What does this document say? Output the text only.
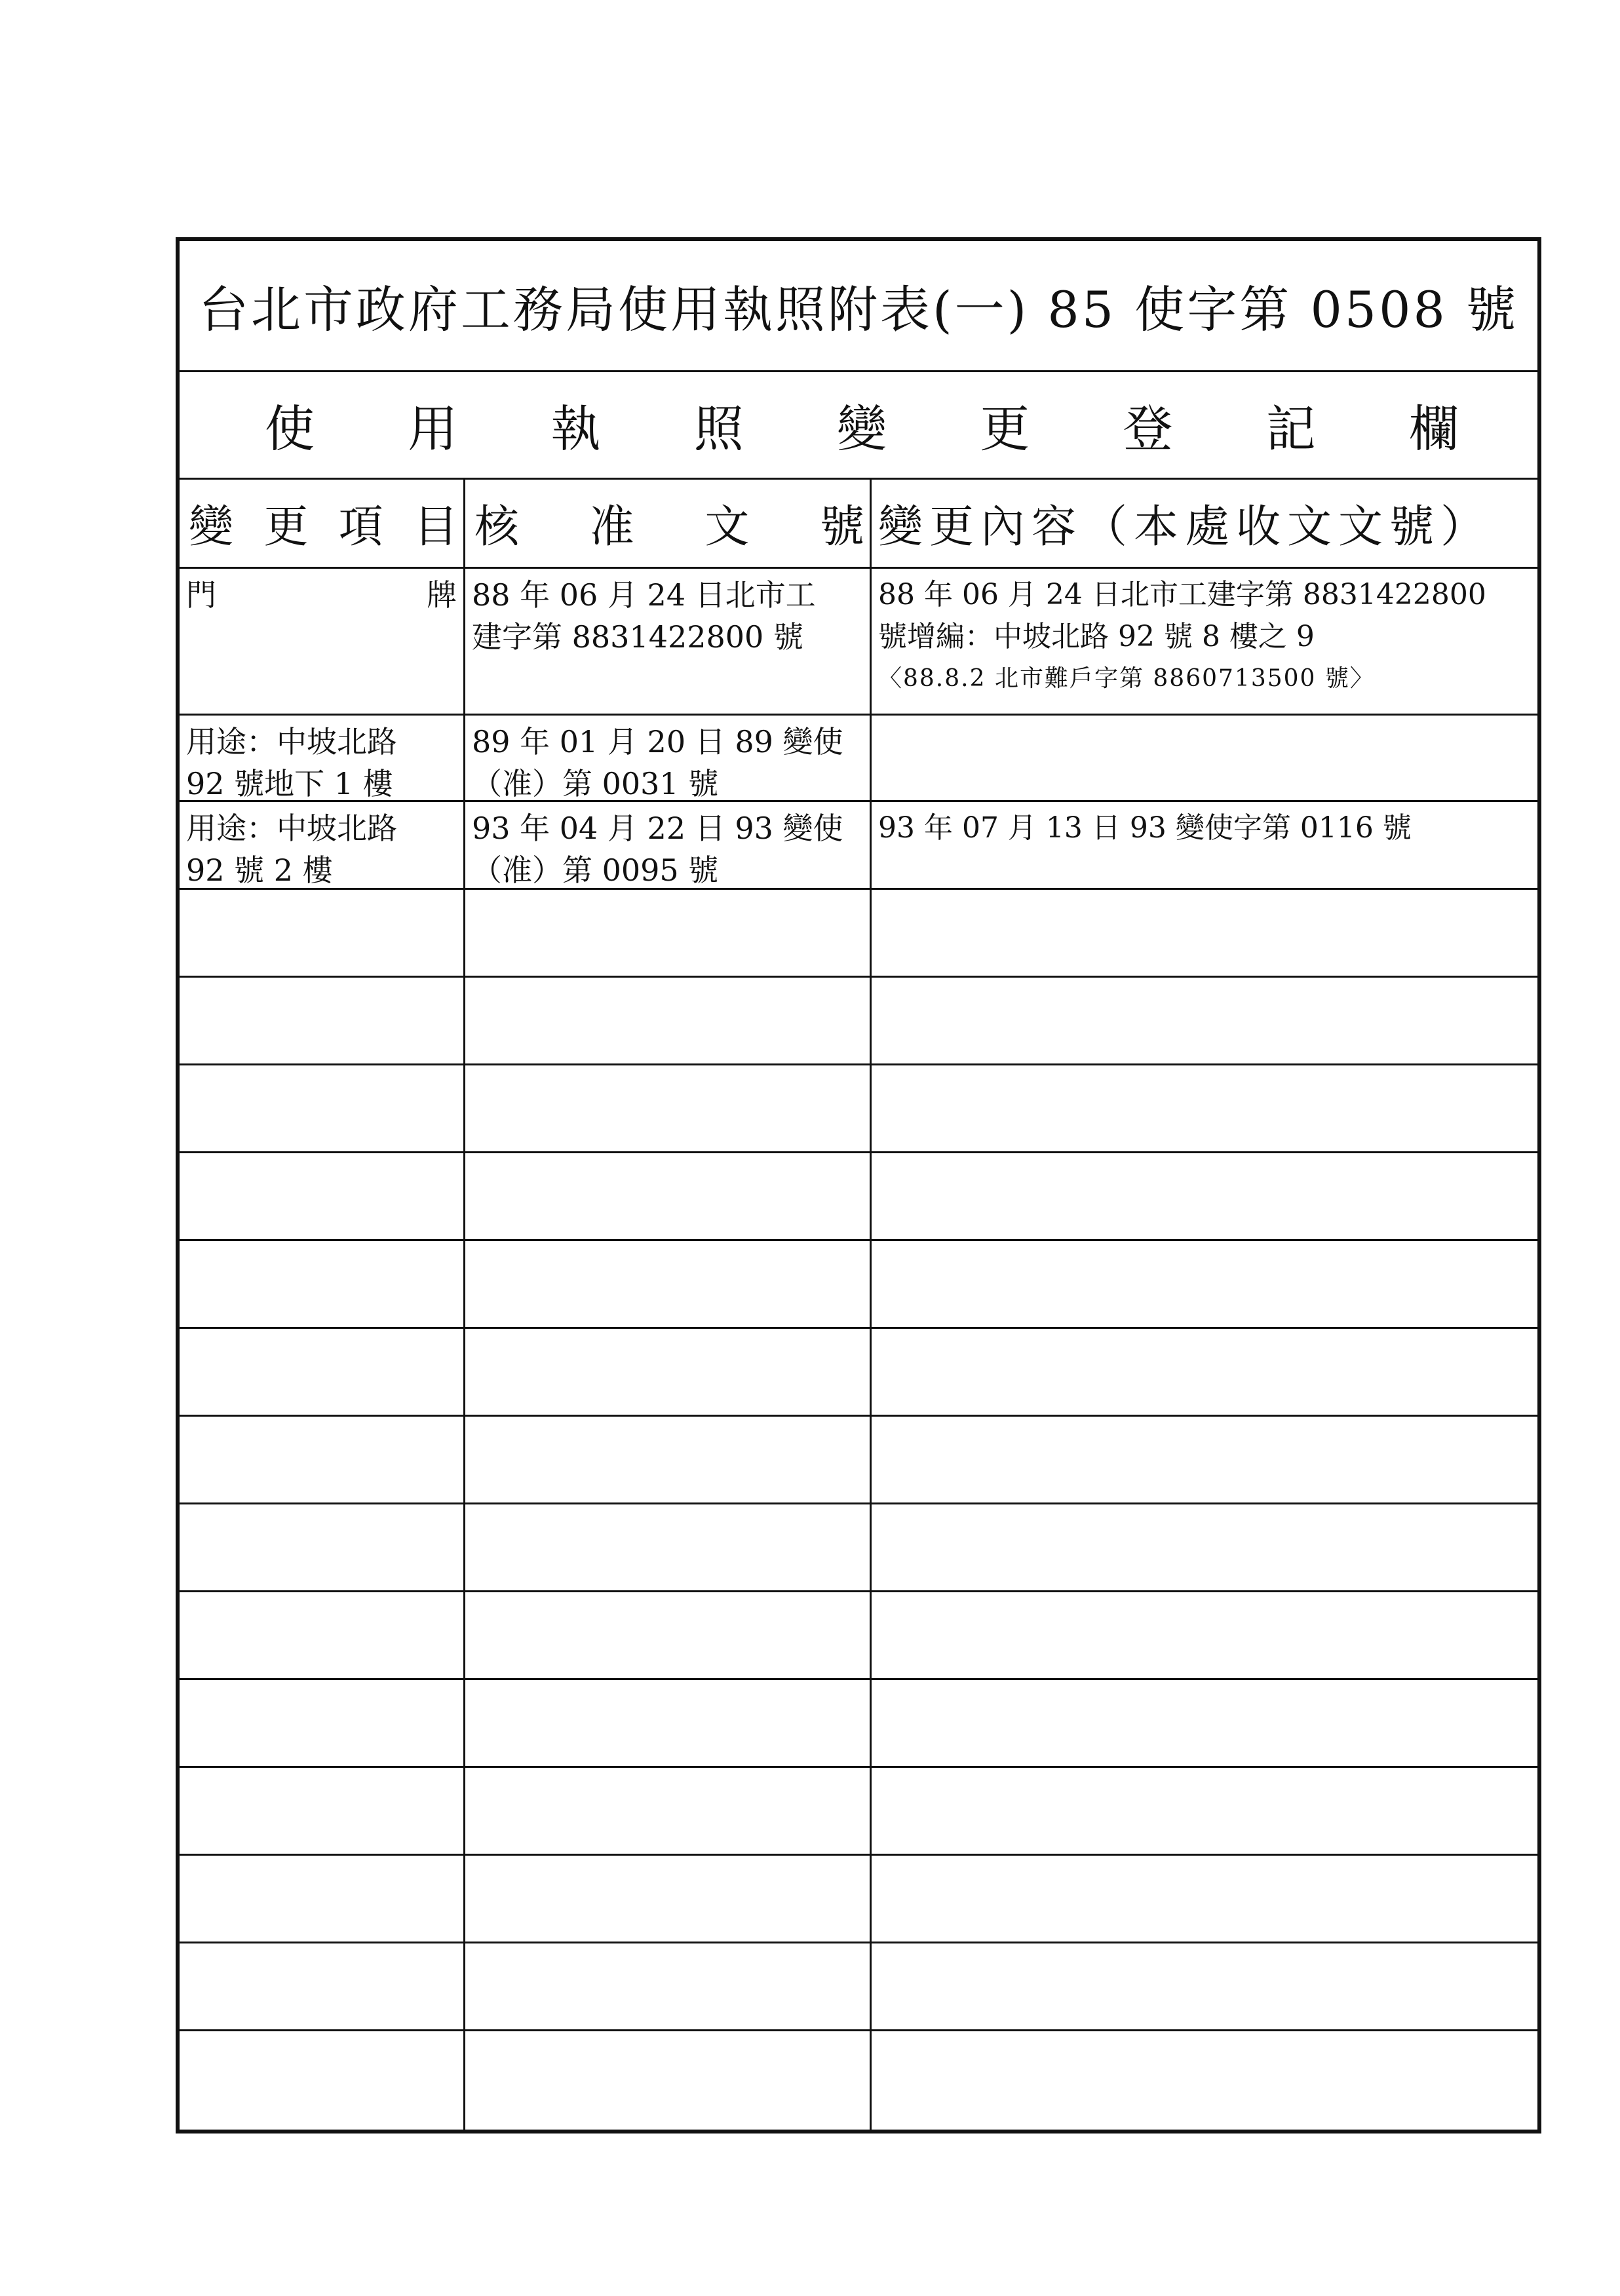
台北市政府工務局使用執照附表(一) 85 使字第 0508 號
使 用 執 照 變 更 登 記 欄
變 更 項 目 核 准 文 號 變更內容（本處收文文號）
門	牌 88 年 06 月 24 日北市工
建字第 8831422800 號
88 年 06 月 24 日北市工建字第 8831422800
號增編：中坡北路 92 號 8 樓之 9
〈88.8.2 北市難戶字第 8860713500 號〉
用途：中坡北路
92 號地下 1 樓
89 年 01 月 20 日 89 變使
（准）第 0031 號
用途：中坡北路
92 號 2 樓
93 年 04 月 22 日 93 變使
（准）第 0095 號
93 年 07 月 13 日 93 變使字第 0116 號
